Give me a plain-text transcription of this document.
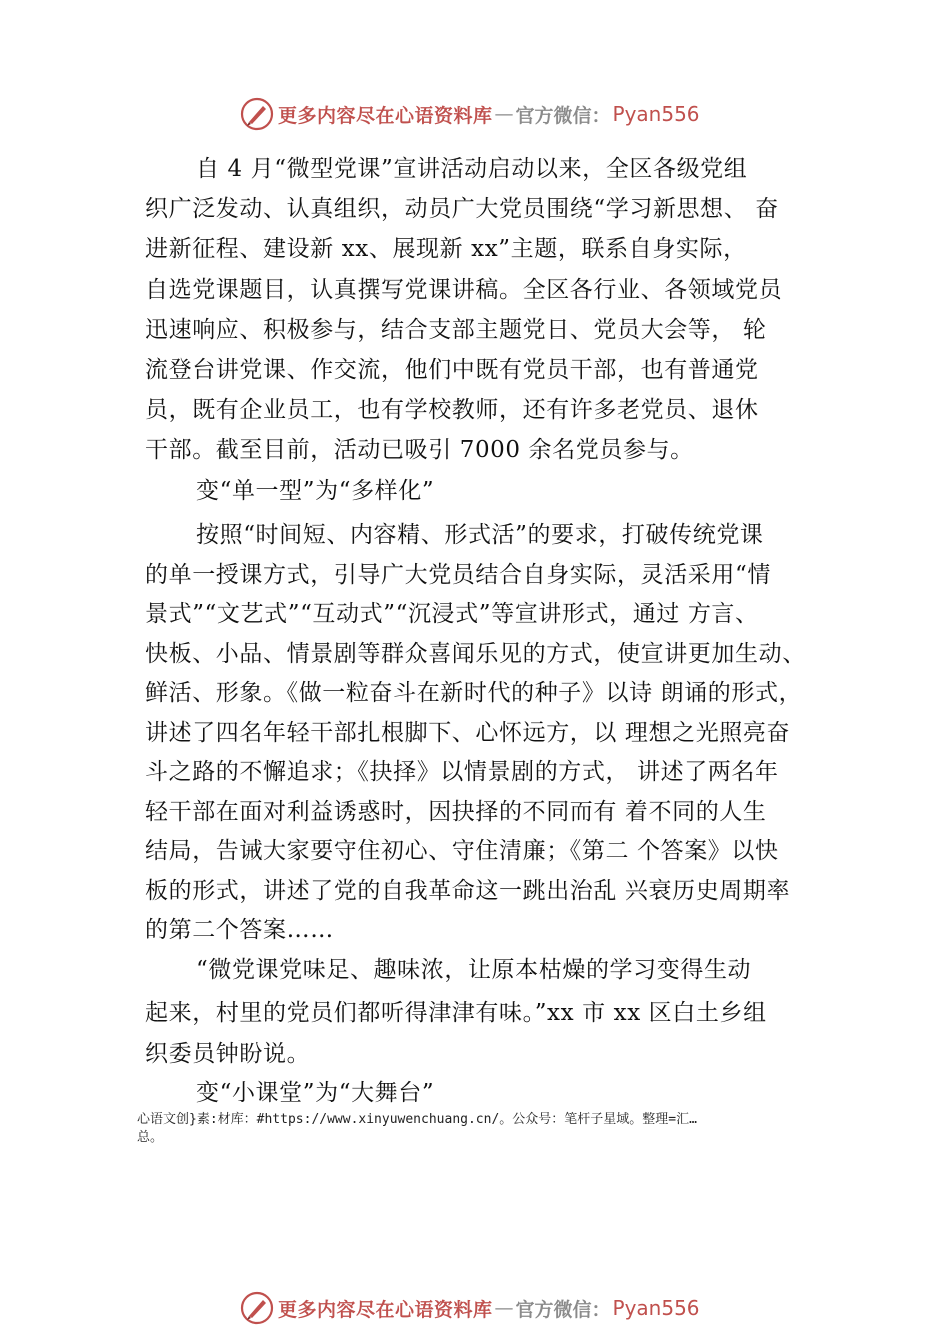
更多内容尽在心语资料库 — 官方微信： Pyan556
自 4 月“微型党课”宣讲活动启动以来，全区各级党组
织广泛发动、认真组织，动员广大党员围绕“学习新思想、 奋
进新征程、建设新 xx、展现新 xx”主题，联系自身实际，
自选党课题目，认真撰写党课讲稿。全区各行业、各领域党员
迅速响应、积极参与，结合支部主题党日、党员大会等， 轮
流登台讲党课、作交流，他们中既有党员干部，也有普通党
员，既有企业员工，也有学校教师，还有许多老党员、退休
干部。截至目前，活动已吸引 7000 余名党员参与。
变“单一型”为“多样化”
按照“时间短、内容精、形式活”的要求，打破传统党课
的单一授课方式，引导广大党员结合自身实际，灵活采用“情
景式”“文艺式”“互动式”“沉浸式”等宣讲形式，通过 方言、
快板、小品、情景剧等群众喜闻乐见的方式，使宣讲更加生动、
鲜活、形象。《做一粒奋斗在新时代的种子》以诗 朗诵的形式，
讲述了四名年轻干部扎根脚下、心怀远方，以 理想之光照亮奋
斗之路的不懈追求；《抉择》以情景剧的方式， 讲述了两名年
轻干部在面对利益诱惑时，因抉择的不同而有 着不同的人生
结局，告诫大家要守住初心、守住清廉；《第二 个答案》以快
板的形式，讲述了党的自我革命这一跳出治乱 兴衰历史周期率
的第二个答案……
“微党课党味足、趣味浓，让原本枯燥的学习变得生动
起来，村里的党员们都听得津津有味。”xx 市 xx 区白土乡组
织委员钟盼说。
变“小课堂”为“大舞台”
心语文创}素:材库：#https://www.xinyuwenchuang.cn/。公众号：笔杆子星域。整理=汇…
总。
更多内容尽在心语资料库 — 官方微信： Pyan556
